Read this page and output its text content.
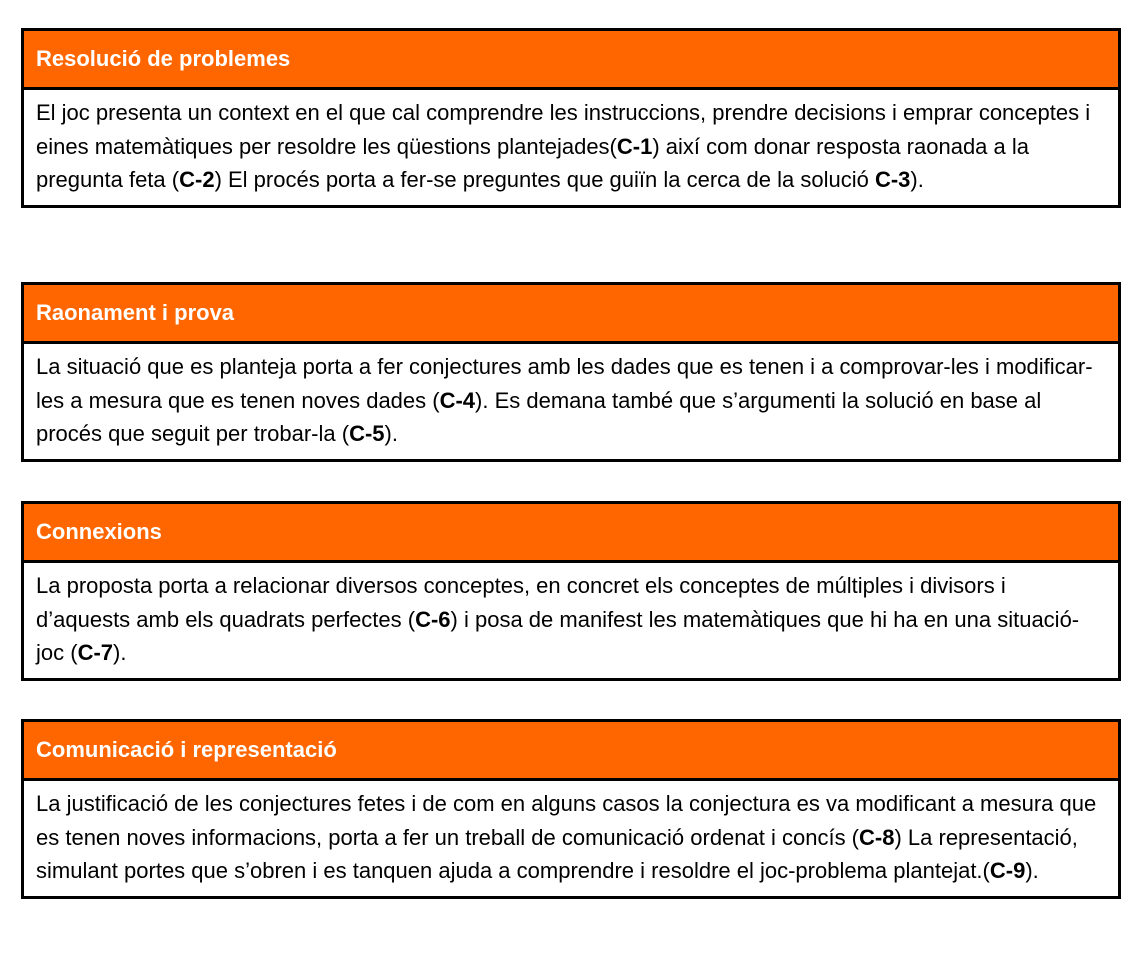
Resolució de problemes
El joc presenta un context en el que cal comprendre les instruccions, prendre decisions i emprar conceptes i eines matemàtiques per resoldre les qüestions plantejades(C-1) així com donar resposta raonada a la pregunta feta (C-2) El procés porta a fer-se preguntes que guiïn la cerca de la solució C-3).
Raonament i prova
La situació que es planteja porta a fer conjectures amb les dades que es tenen i a comprovar-les i modificar-les a mesura que es tenen noves dades (C-4). Es demana també que s’argumenti la solució en base al procés que seguit per trobar-la (C-5).
Connexions
La proposta porta a relacionar diversos conceptes, en concret els conceptes de múltiples i divisors i d’aquests amb els quadrats perfectes (C-6) i posa de manifest les matemàtiques que hi ha en una situació-joc (C-7).
Comunicació i representació
La justificació de les conjectures fetes i de com en alguns casos la conjectura es va modificant a mesura que es tenen noves informacions, porta a fer un treball de comunicació ordenat i concís (C-8) La representació, simulant portes que s’obren i es tanquen ajuda a comprendre i resoldre el joc-problema plantejat.(C-9).
